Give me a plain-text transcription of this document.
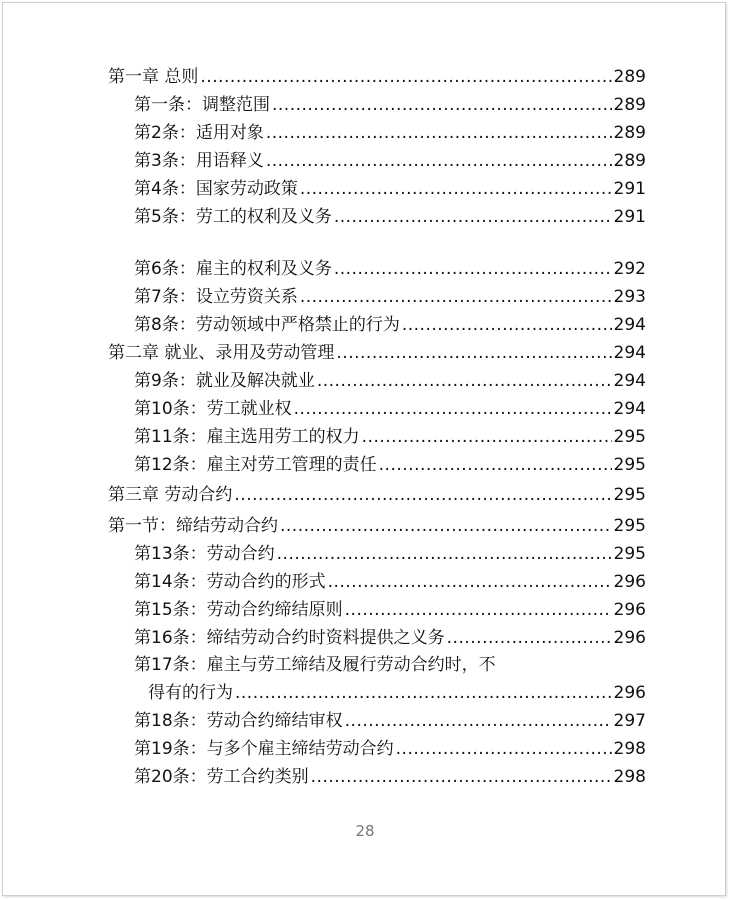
第一章 总则 .....	289
第一条：调整范围 .....	289
第2条：适用对象 .....	289
第3条：用语释义 .....	289
第4条：国家劳动政策 .....	291
第5条：劳工的权利及义务 .....	291
第6条：雇主的权利及义务 .....	292
第7条：设立劳资关系 .....	293
第8条：劳动领域中严格禁止的行为 .....	294
第二章 就业、录用及劳动管理 .....	294
第9条：就业及解决就业 .....	294
第10条：劳工就业权 .....	294
第11条：雇主选用劳工的权力 .....	295
第12条：雇主对劳工管理的责任 .....	295
第三章 劳动合约 .....	295
第一节：缔结劳动合约 .....	295
第13条：劳动合约 .....	295
第14条：劳动合约的形式 .....	296
第15条：劳动合约缔结原则 .....	296
第16条：缔结劳动合约时资料提供之义务 .....	296
第17条：雇主与劳工缔结及履行劳动合约时，不
得有的行为 .....	296
第18条：劳动合约缔结审权 .....	297
第19条：与多个雇主缔结劳动合约 .....	298
第20条：劳工合约类别 .....	298
28
